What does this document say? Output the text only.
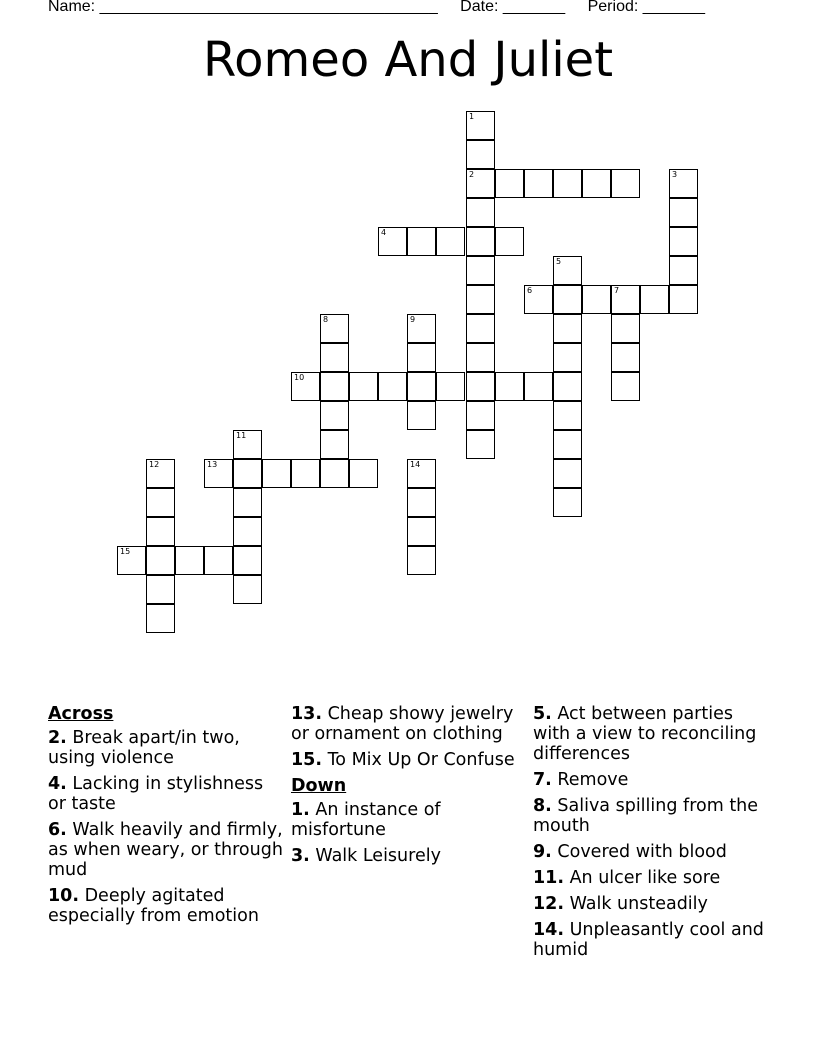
Name: ______________________________________ Date: _______ Period: _______
Romeo And Juliet
1
2	3
4
5
6	7
8	9
10
11
12	13	14
15
Across
2. Break apart/in two, using violence
4. Lacking in stylishness or taste
6. Walk heavily and firmly, as when weary, or through mud
10. Deeply agitated especially from emotion
13. Cheap showy jewelry or ornament on clothing
15. To Mix Up Or Confuse
Down
1. An instance of misfortune
3. Walk Leisurely
5. Act between parties with a view to reconciling differences
7. Remove
8. Saliva spilling from the mouth
9. Covered with blood
11. An ulcer like sore
12. Walk unsteadily
14. Unpleasantly cool and humid
